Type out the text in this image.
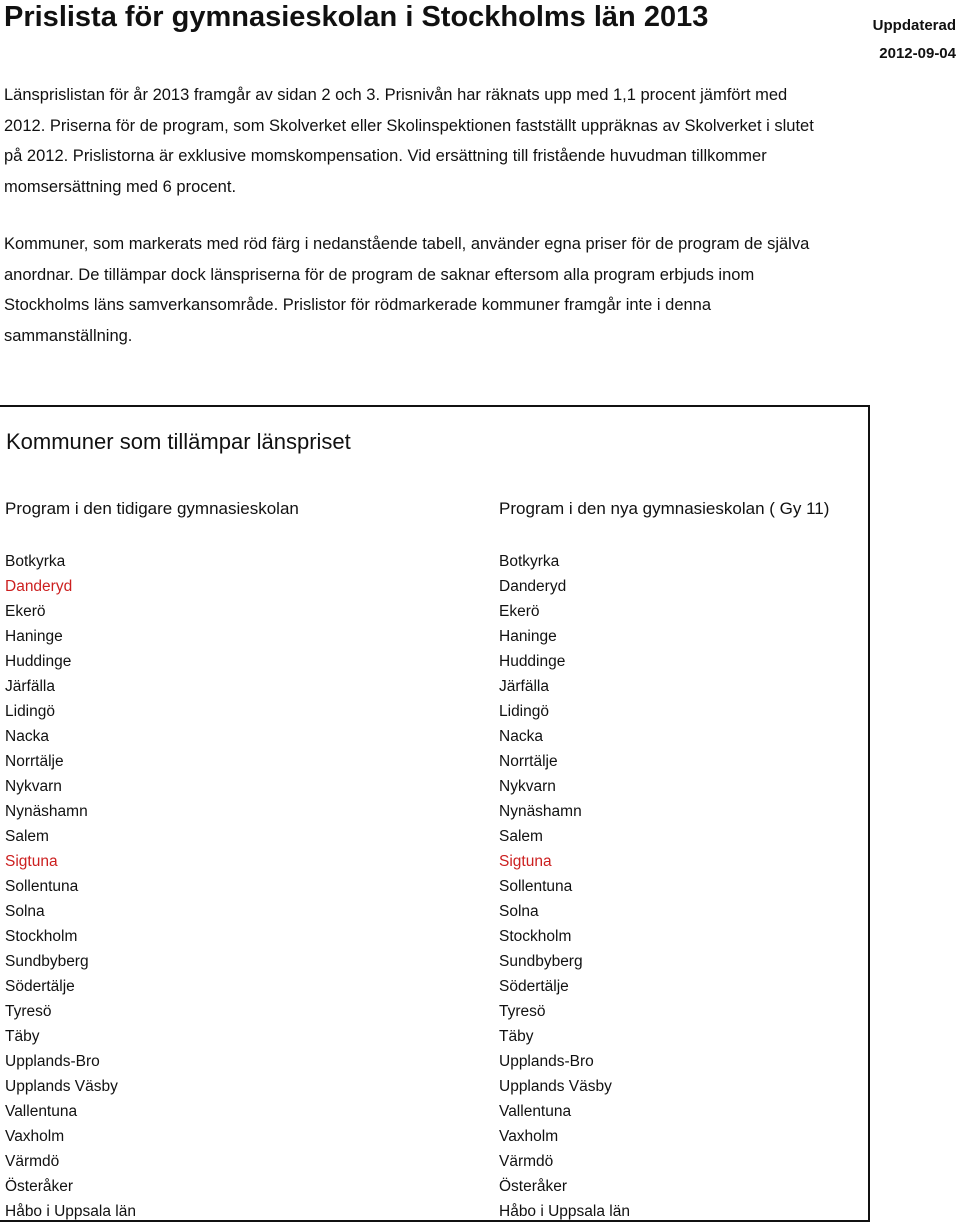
Prislista för gymnasieskolan i Stockholms län 2013	Uppdaterad
2012-09-04
Länsprislistan för år 2013 framgår av sidan 2 och 3. Prisnivån har räknats upp med 1,1 procent jämfört med 2012. Priserna för de program, som Skolverket eller Skolinspektionen fastställt uppräknas av Skolverket i slutet på 2012. Prislistorna är exklusive momskompensation. Vid ersättning till fristående huvudman tillkommer momsersättning med 6 procent.
Kommuner, som markerats med röd färg i nedanstående tabell, använder egna priser för de program de själva anordnar. De tillämpar dock länspriserna för de program de saknar eftersom alla program erbjuds inom Stockholms läns samverkansområde. Prislistor för rödmarkerade kommuner framgår inte i denna sammanställning.
Kommuner som tillämpar länspriset
Program i den tidigare gymnasieskolan	Program i den nya gymnasieskolan ( Gy 11)
Botkyrka
Danderyd
Ekerö
Haninge
Huddinge
Järfälla
Lidingö
Nacka
Norrtälje
Nykvarn
Nynäshamn
Salem
Sigtuna
Sollentuna
Solna
Stockholm
Sundbyberg
Södertälje
Tyresö
Täby
Upplands-Bro
Upplands Väsby
Vallentuna
Vaxholm
Värmdö
Österåker
Håbo i Uppsala län
Botkyrka
Danderyd
Ekerö
Haninge
Huddinge
Järfälla
Lidingö
Nacka
Norrtälje
Nykvarn
Nynäshamn
Salem
Sigtuna
Sollentuna
Solna
Stockholm
Sundbyberg
Södertälje
Tyresö
Täby
Upplands-Bro
Upplands Väsby
Vallentuna
Vaxholm
Värmdö
Österåker
Håbo i Uppsala län
